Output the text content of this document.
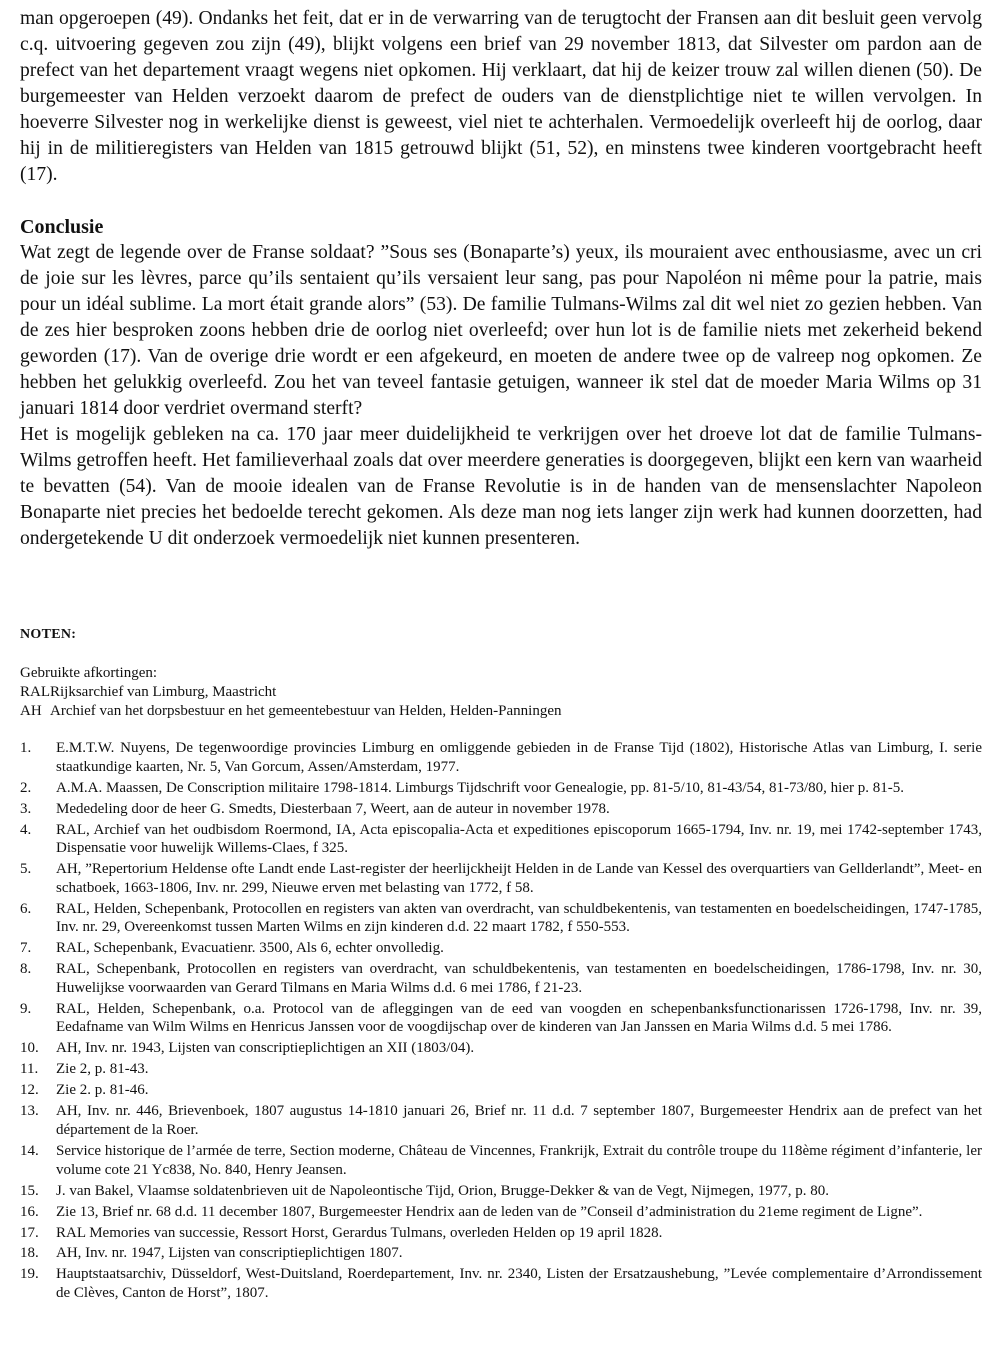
man opgeroepen (49). Ondanks het feit, dat er in de verwarring van de terugtocht der Fransen aan dit besluit geen vervolg c.q. uitvoering gegeven zou zijn (49), blijkt volgens een brief van 29 november 1813, dat Silvester om pardon aan de prefect van het departement vraagt wegens niet opkomen. Hij verklaart, dat hij de keizer trouw zal willen dienen (50). De burgemeester van Helden verzoekt daarom de prefect de ouders van de dienstplichtige niet te willen vervolgen. In hoeverre Silvester nog in werkelijke dienst is geweest, viel niet te achterhalen. Vermoedelijk overleeft hij de oorlog, daar hij in de militieregisters van Helden van 1815 getrouwd blijkt (51, 52), en minstens twee kinderen voortgebracht heeft (17).

Conclusie

Wat zegt de legende over de Franse soldaat? ”Sous ses (Bonaparte’s) yeux, ils mouraient avec enthousiasme, avec un cri de joie sur les lèvres, parce qu’ils sentaient qu’ils versaient leur sang, pas pour Napoléon ni même pour la patrie, mais pour un idéal sublime. La mort était grande alors” (53). De familie Tulmans-Wilms zal dit wel niet zo gezien hebben. Van de zes hier besproken zoons hebben drie de oorlog niet overleefd; over hun lot is de familie niets met zekerheid bekend geworden (17). Van de overige drie wordt er een afgekeurd, en moeten de andere twee op de valreep nog opkomen. Ze hebben het gelukkig overleefd. Zou het van teveel fantasie getuigen, wanneer ik stel dat de moeder Maria Wilms op 31 januari 1814 door verdriet overmand sterft?

Het is mogelijk gebleken na ca. 170 jaar meer duidelijkheid te verkrijgen over het droeve lot dat de familie Tulmans-Wilms getroffen heeft. Het familieverhaal zoals dat over meerdere generaties is doorgegeven, blijkt een kern van waarheid te bevatten (54). Van de mooie idealen van de Franse Revolutie is in de handen van de mensenslachter Napoleon Bonaparte niet precies het bedoelde terecht gekomen. Als deze man nog iets langer zijn werk had kunnen doorzetten, had ondergetekende U dit onderzoek vermoedelijk niet kunnen presenteren.

NOTEN:
Gebruikte afkortingen:
RAL Rijksarchief van Limburg, Maastricht
AH Archief van het dorpsbestuur en het gemeentebestuur van Helden, Helden-Panningen
1.	E.M.T.W. Nuyens, De tegenwoordige provincies Limburg en omliggende gebieden in de Franse Tijd (1802), Historische Atlas van Limburg, I. serie staatkundige kaarten, Nr. 5, Van Gorcum, Assen/Amsterdam, 1977.
2.	A.M.A. Maassen, De Conscription militaire 1798-1814. Limburgs Tijdschrift voor Genealogie, pp. 81-5/10, 81-43/54, 81-73/80, hier p. 81-5.
3.	Mededeling door de heer G. Smedts, Diesterbaan 7, Weert, aan de auteur in november 1978.
4.	RAL, Archief van het oudbisdom Roermond, IA, Acta episcopalia-Acta et expeditiones episcoporum 1665-1794, Inv. nr. 19, mei 1742-september 1743, Dispensatie voor huwelijk Willems-Claes, f 325.
5.	AH, ”Repertorium Heldense ofte Landt ende Last-register der heerlijckheijt Helden in de Lande van Kessel des overquartiers van Gellderlandt”, Meet- en schatboek, 1663-1806, Inv. nr. 299, Nieuwe erven met belasting van 1772, f 58.
6.	RAL, Helden, Schepenbank, Protocollen en registers van akten van overdracht, van schuldbekentenis, van testamenten en boedelscheidingen, 1747-1785, Inv. nr. 29, Overeenkomst tussen Marten Wilms en zijn kinderen d.d. 22 maart 1782, f 550-553.
7.	RAL, Schepenbank, Evacuatienr. 3500, Als 6, echter onvolledig.
8.	RAL, Schepenbank, Protocollen en registers van overdracht, van schuldbekentenis, van testamenten en boedelscheidingen, 1786-1798, Inv. nr. 30, Huwelijkse voorwaarden van Gerard Tilmans en Maria Wilms d.d. 6 mei 1786, f 21-23.
9.	RAL, Helden, Schepenbank, o.a. Protocol van de afleggingen van de eed van voogden en schepenbanksfunctionarissen 1726-1798, Inv. nr. 39, Eedafname van Wilm Wilms en Henricus Janssen voor de voogdijschap over de kinderen van Jan Janssen en Maria Wilms d.d. 5 mei 1786.
10.	AH, Inv. nr. 1943, Lijsten van conscriptieplichtigen an XII (1803/04).
11.	Zie 2, p. 81-43.
12.	Zie 2. p. 81-46.
13.	AH, Inv. nr. 446, Brievenboek, 1807 augustus 14-1810 januari 26, Brief nr. 11 d.d. 7 september 1807, Burgemeester Hendrix aan de prefect van het département de la Roer.
14.	Service historique de l’armée de terre, Section moderne, Château de Vincennes, Frankrijk, Extrait du contrôle troupe du 118ème régiment d’infanterie, ler volume cote 21 Yc838, No. 840, Henry Jeansen.
15.	J. van Bakel, Vlaamse soldatenbrieven uit de Napoleontische Tijd, Orion, Brugge-Dekker & van de Vegt, Nijmegen, 1977, p. 80.
16.	Zie 13, Brief nr. 68 d.d. 11 december 1807, Burgemeester Hendrix aan de leden van de ”Conseil d’administration du 21eme regiment de Ligne”.
17.	RAL Memories van successie, Ressort Horst, Gerardus Tulmans, overleden Helden op 19 april 1828.
18.	AH, Inv. nr. 1947, Lijsten van conscriptieplichtigen 1807.
19.	Hauptstaatsarchiv, Düsseldorf, West-Duitsland, Roerdepartement, Inv. nr. 2340, Listen der Ersatzaushebung, ”Levée complementaire d’Arrondissement de Clèves, Canton de Horst”, 1807.
